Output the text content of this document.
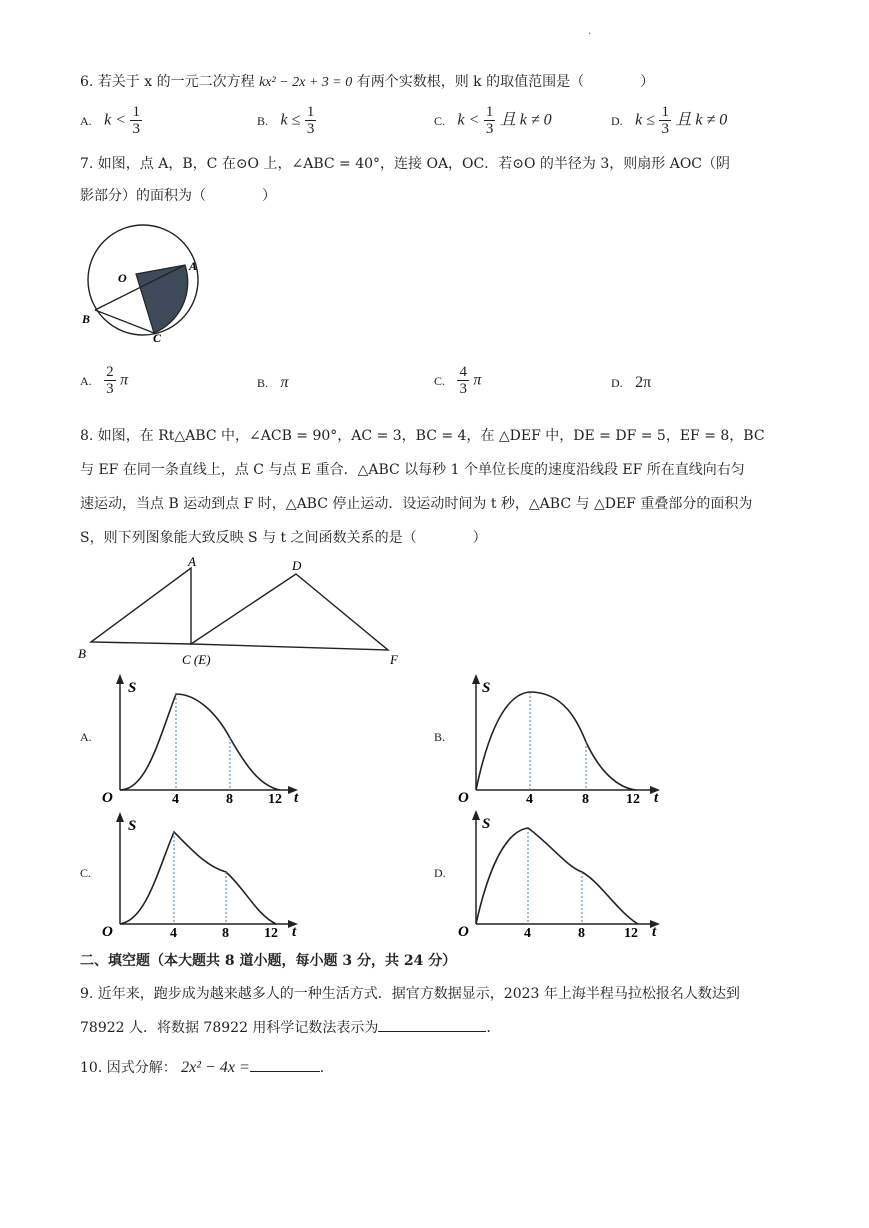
.
6. 若关于 x 的一元二次方程 kx² − 2x + 3 = 0 有两个实数根，则 k 的取值范围是（　　　　）
A. $k < \frac{1}{3}$	B. $k \le \frac{1}{3}$	C. $k < \frac{1}{3}$ 且 k ≠ 0	D. $k \le \frac{1}{3}$ 且 k ≠ 0
7. 如图，点 A，B，C 在⊙O 上，∠ABC = 40°，连接 OA，OC．若⊙O 的半径为 3，则扇形 AOC（阴
影部分）的面积为（　　　　）
O
A
B
C
A. $\frac{2}{3}$ π	B. π	C. $\frac{4}{3}$ π	D. 2π
8. 如图，在 Rt△ABC 中，∠ACB = 90°，AC = 3，BC = 4，在 △DEF 中，DE = DF = 5，EF = 8，BC
与 EF 在同一条直线上，点 C 与点 E 重合．△ABC 以每秒 1 个单位长度的速度沿线段 EF 所在直线向右匀
速运动，当点 B 运动到点 F 时，△ABC 停止运动．设运动时间为 t 秒，△ABC 与 △DEF 重叠部分的面积为
S，则下列图象能大致反映 S 与 t 之间函数关系的是（　　　　）
A
B	C (E)
D
F
A.
S
O	4	8	12 t
B.
S
O	4	8	12 t
C.
S
O	4	8	12 t
D.
S
O	4	8	12 t
二、填空题（本大题共 8 道小题，每小题 3 分，共 24 分）
9. 近年来，跑步成为越来越多人的一种生活方式．据官方数据显示，2023 年上海半程马拉松报名人数达到
78922 人．将数据 78922 用科学记数法表示为	．
10. 因式分解： 2x² − 4x =	．
